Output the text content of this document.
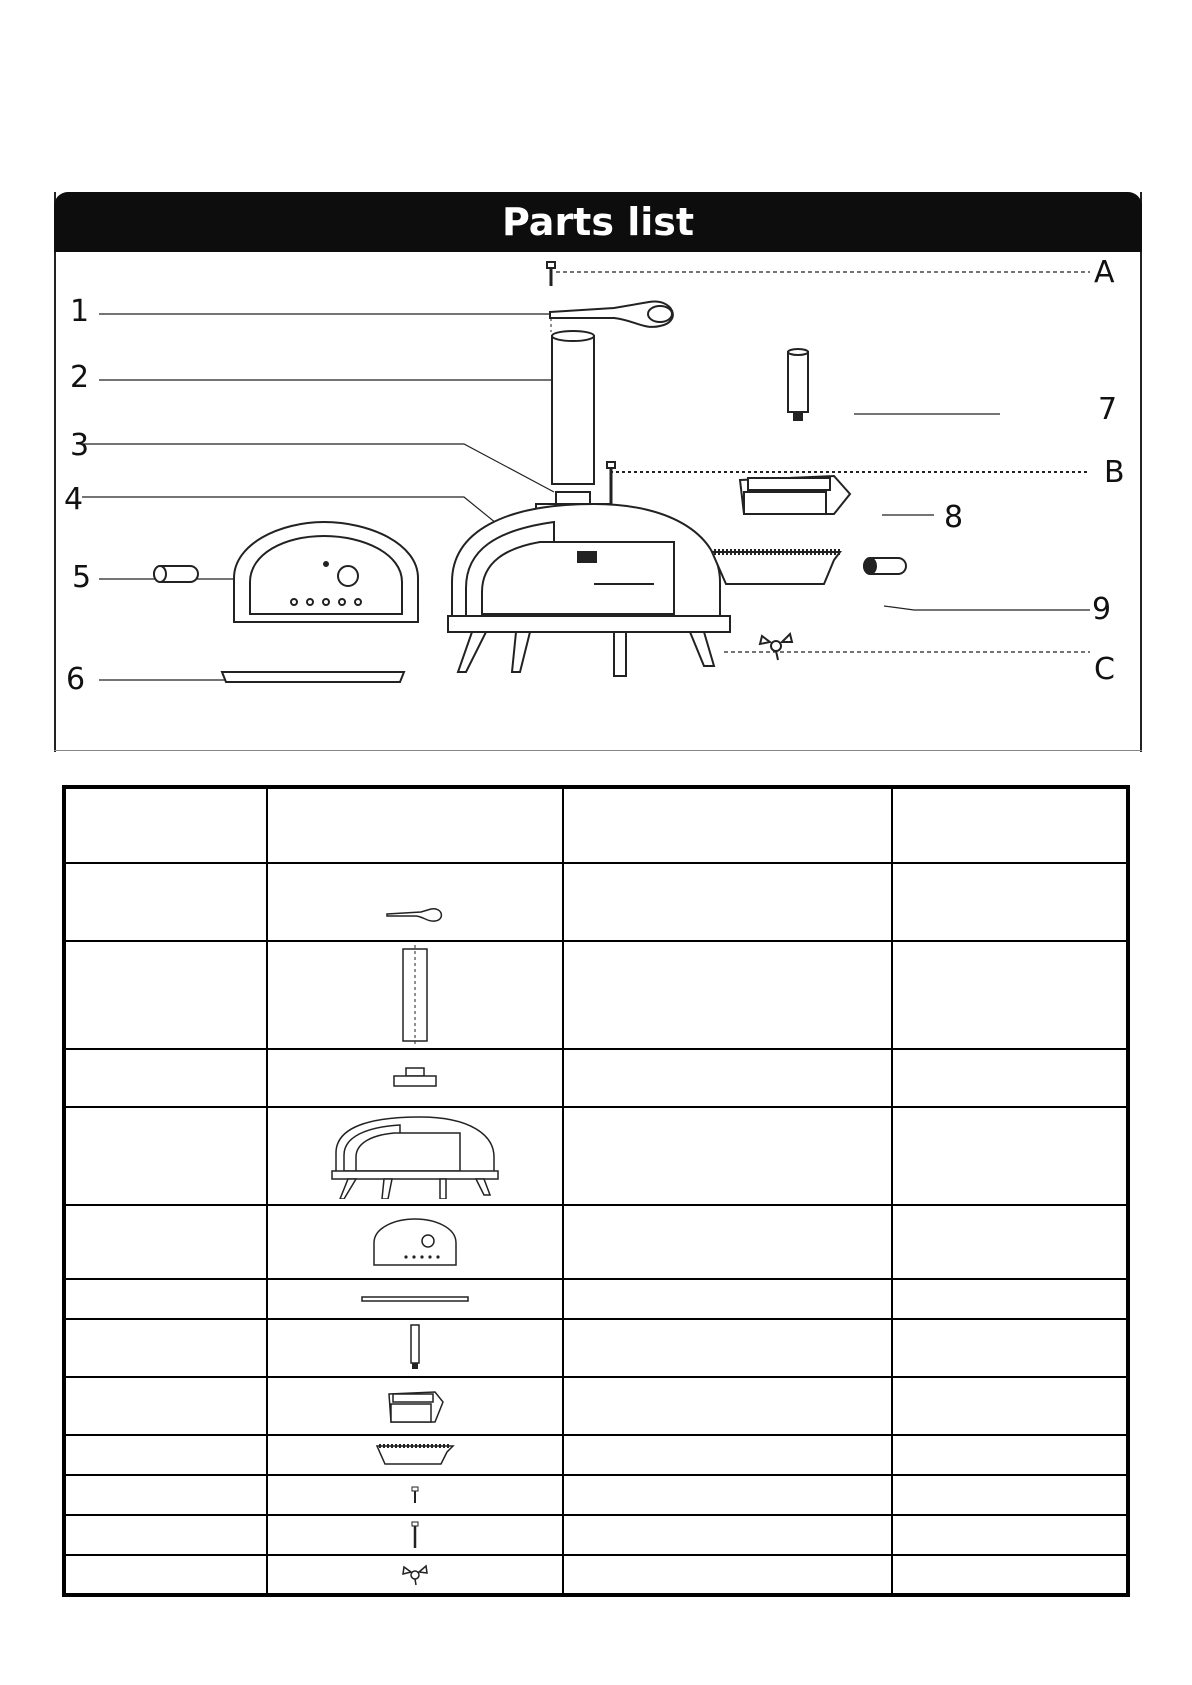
Parts list
1
2
3
4
5
6
7
8
9
A
B
C
